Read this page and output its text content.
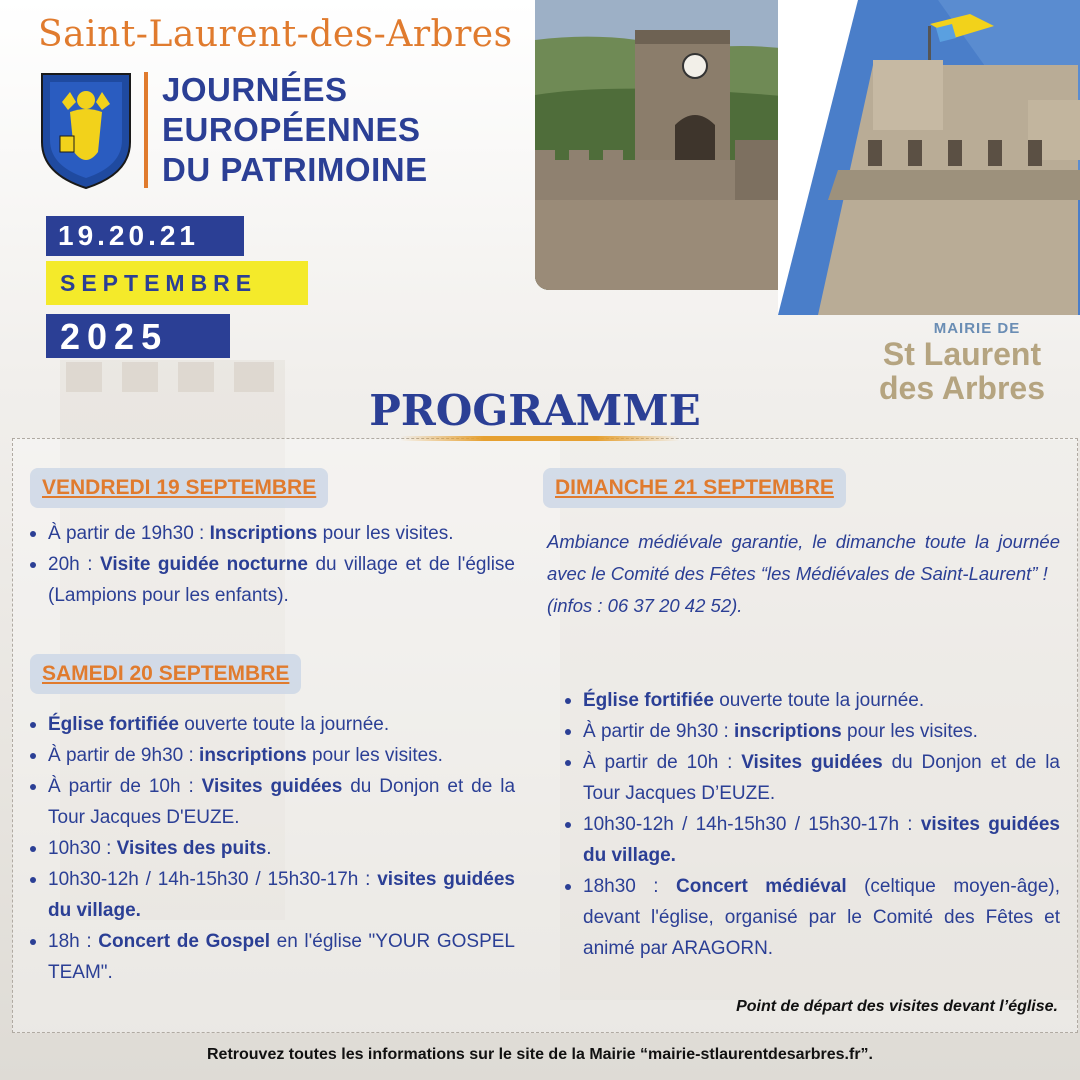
Saint-Laurent-des-Arbres
JOURNÉES
EUROPÉENNES
DU PATRIMOINE
19.20.21
SEPTEMBRE
2025	MAIRIE DE
St Laurent
des Arbres
PROGRAMME
VENDREDI 19 SEPTEMBRE
À partir de 19h30 : Inscriptions pour les visites.
20h : Visite guidée nocturne du village et de l'église (Lampions pour les enfants).
SAMEDI 20 SEPTEMBRE
Église fortifiée ouverte toute la journée.
À partir de 9h30 : inscriptions pour les visites.
À partir de 10h : Visites guidées du Donjon et de la Tour Jacques D'EUZE.
10h30 : Visites des puits.
10h30-12h / 14h-15h30 / 15h30-17h : visites guidées du village.
18h : Concert de Gospel en l'église "YOUR GOSPEL TEAM".
DIMANCHE 21 SEPTEMBRE
Ambiance médiévale garantie, le dimanche toute la journée avec le Comité des Fêtes “les Médiévales de Saint-Laurent” !
(infos : 06 37 20 42 52).
Église fortifiée ouverte toute la journée.
À partir de 9h30 : inscriptions pour les visites.
À partir de 10h : Visites guidées du Donjon et de la Tour Jacques D’EUZE.
10h30-12h / 14h-15h30 / 15h30-17h : visites guidées du village.
18h30 : Concert médiéval (celtique moyen-âge), devant l'église, organisé par le Comité des Fêtes et animé par ARAGORN.
Point de départ des visites devant l’église.
Retrouvez toutes les informations sur le site de la Mairie “mairie-stlaurentdesarbres.fr”.
